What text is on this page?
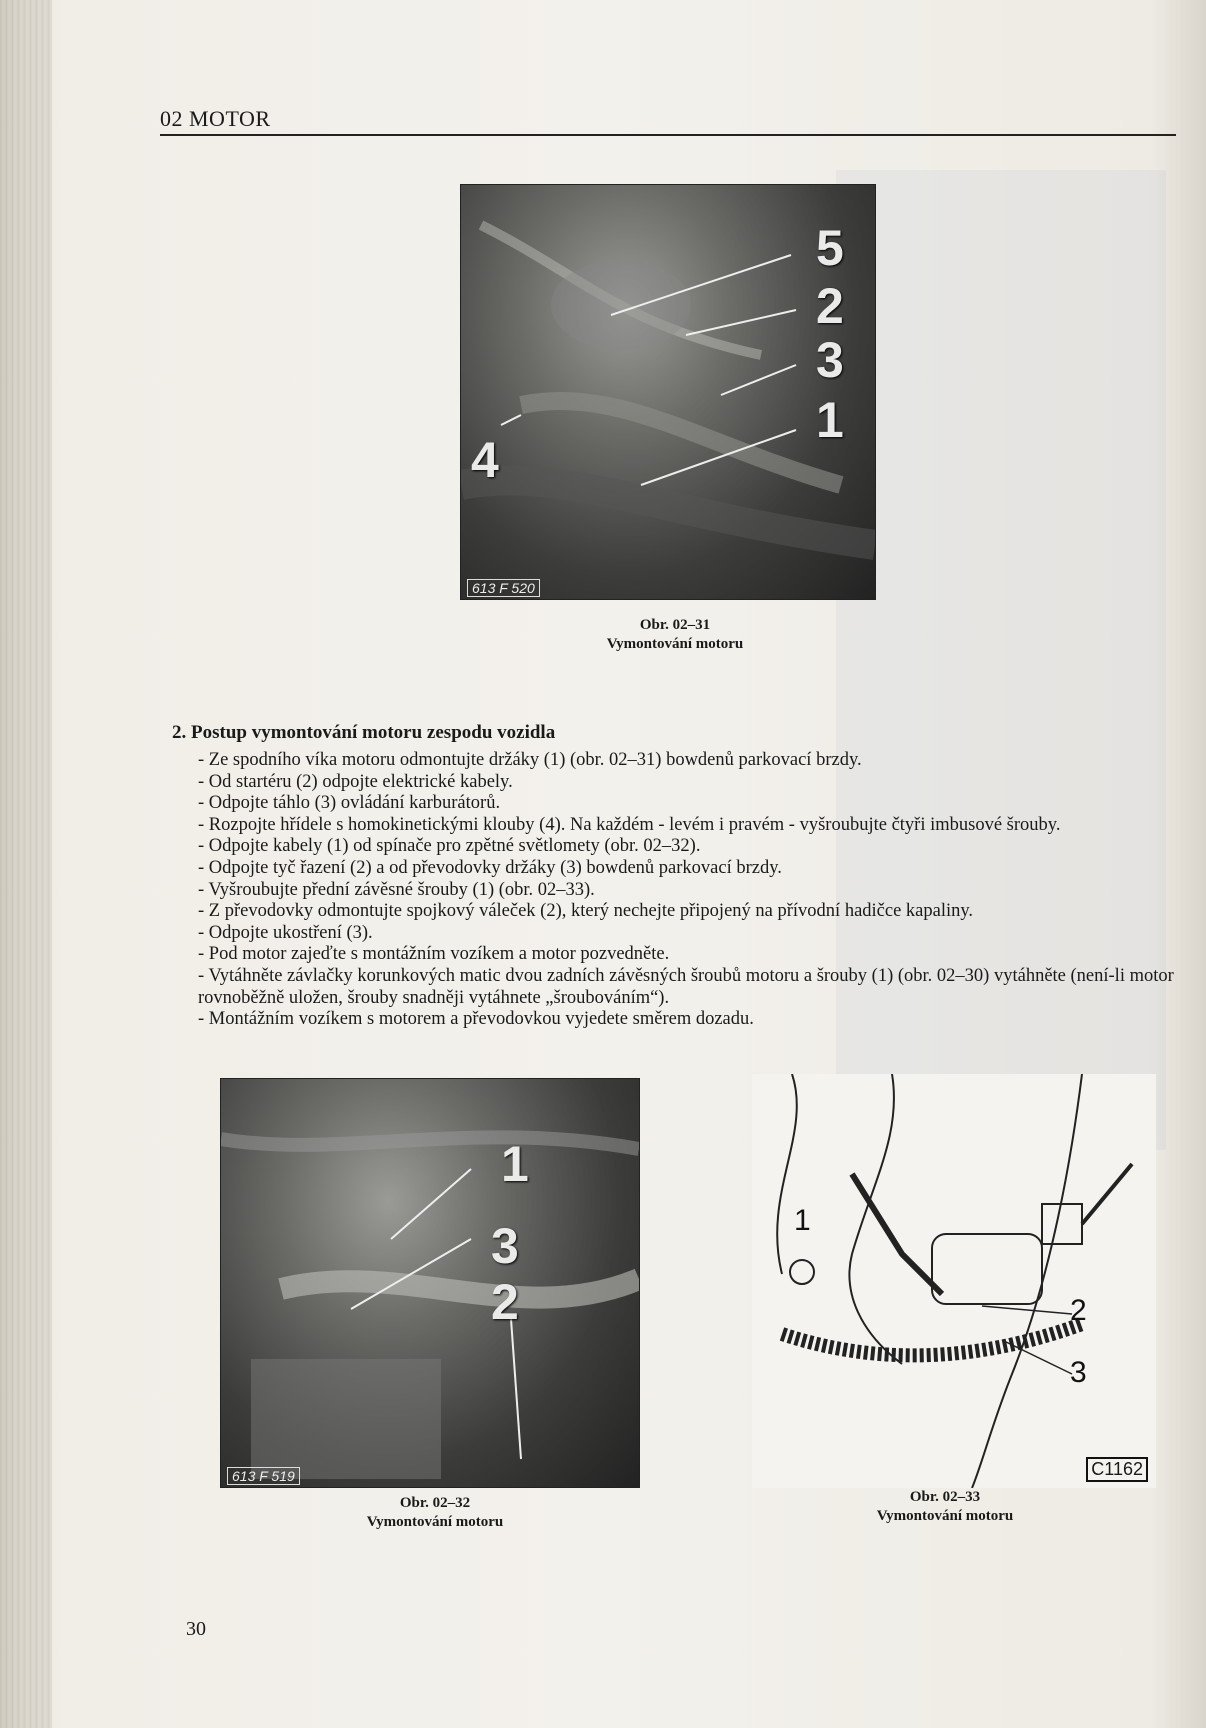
02 MOTOR
5
2
3
1
4
613 F 520
Obr. 02–31
Vymontování motoru
2. Postup vymontování motoru zespodu vozidla
- Ze spodního víka motoru odmontujte držáky (1) (obr. 02–31) bowdenů parkovací brzdy.
- Od startéru (2) odpojte elektrické kabely.
- Odpojte táhlo (3) ovládání karburátorů.
- Rozpojte hřídele s homokinetickými klouby (4). Na každém - levém i pravém - vyšroubujte čtyři imbusové šrouby.
- Odpojte kabely (1) od spínače pro zpětné světlomety (obr. 02–32).
- Odpojte tyč řazení (2) a od převodovky držáky (3) bowdenů parkovací brzdy.
- Vyšroubujte přední závěsné šrouby (1) (obr. 02–33).
- Z převodovky odmontujte spojkový váleček (2), který nechejte připojený na přívodní hadičce kapaliny.
- Odpojte ukostření (3).
- Pod motor zajeďte s montážním vozíkem a motor pozvedněte.
- Vytáhněte závlačky korunkových matic dvou zadních závěsných šroubů motoru a šrouby (1) (obr. 02–30) vytáhněte (není-li motor rovnoběžně uložen, šrouby snadněji vytáhnete „šroubováním“).
- Montážním vozíkem s motorem a převodovkou vyjedete směrem dozadu.
1
3
2
613 F 519
Obr. 02–32
Vymontování motoru
1
2
3
C1162
Obr. 02–33
Vymontování motoru
30
